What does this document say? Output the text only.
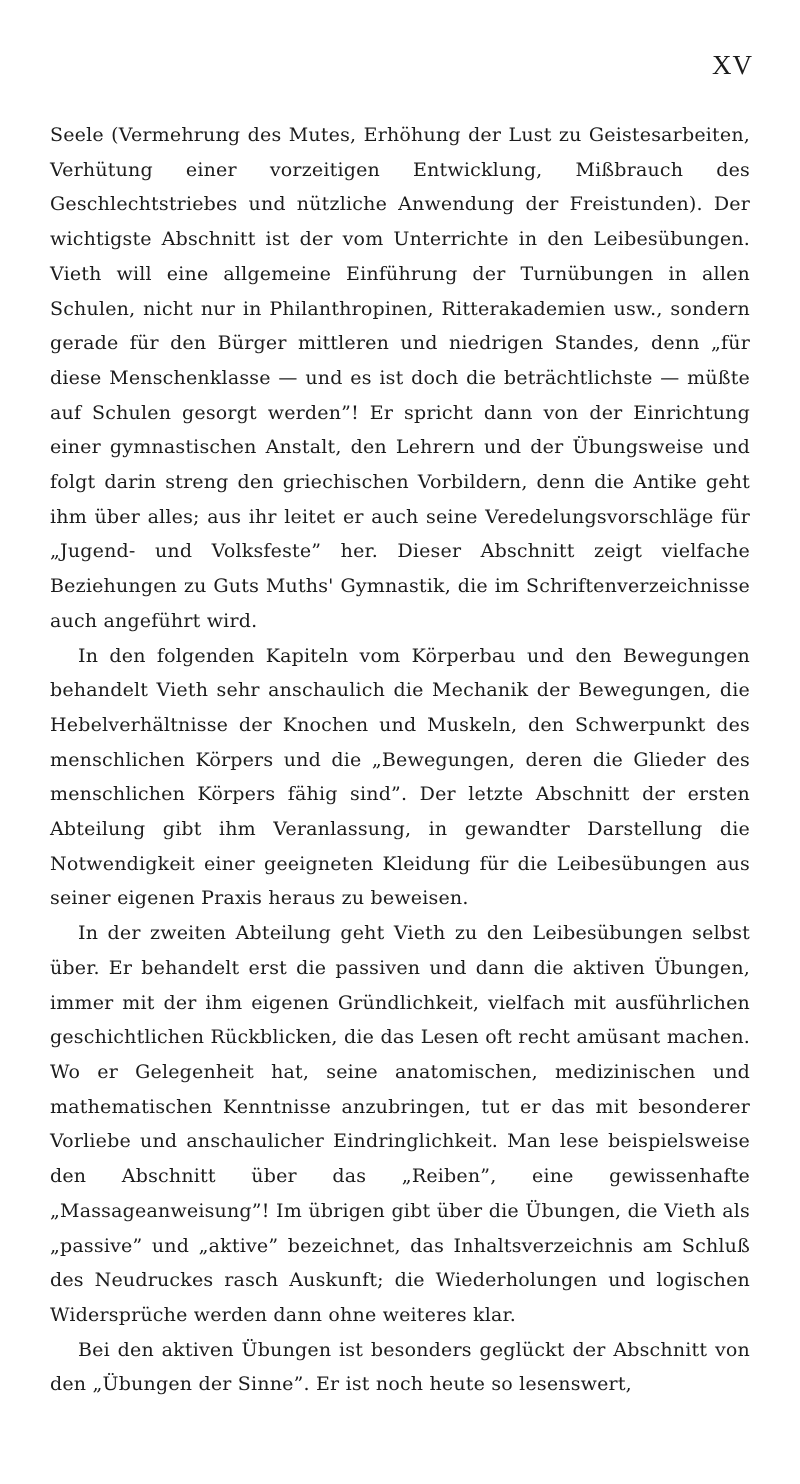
XV

Seele (Vermehrung des Mutes, Erhöhung der Lust zu Geistesarbeiten, Verhütung einer vorzeitigen Entwicklung, Mißbrauch des Geschlechtstriebes und nützliche Anwendung der Freistunden). Der wichtigste Abschnitt ist der vom Unterrichte in den Leibesübungen. Vieth will eine allgemeine Einführung der Turnübungen in allen Schulen, nicht nur in Philanthropinen, Ritterakademien usw., sondern gerade für den Bürger mittleren und niedrigen Standes, denn „für diese Menschenklasse — und es ist doch die beträchtlichste — müßte auf Schulen gesorgt werden”! Er spricht dann von der Einrichtung einer gymnastischen Anstalt, den Lehrern und der Übungsweise und folgt darin streng den griechischen Vorbildern, denn die Antike geht ihm über alles; aus ihr leitet er auch seine Veredelungsvorschläge für „Jugend- und Volksfeste” her. Dieser Abschnitt zeigt vielfache Beziehungen zu Guts Muths' Gymnastik, die im Schriftenverzeichnisse auch angeführt wird.

In den folgenden Kapiteln vom Körperbau und den Bewegungen behandelt Vieth sehr anschaulich die Mechanik der Bewegungen, die Hebelverhältnisse der Knochen und Muskeln, den Schwerpunkt des menschlichen Körpers und die „Bewegungen, deren die Glieder des menschlichen Körpers fähig sind”. Der letzte Abschnitt der ersten Abteilung gibt ihm Veranlassung, in gewandter Darstellung die Notwendigkeit einer geeigneten Kleidung für die Leibesübungen aus seiner eigenen Praxis heraus zu beweisen.

In der zweiten Abteilung geht Vieth zu den Leibesübungen selbst über. Er behandelt erst die passiven und dann die aktiven Übungen, immer mit der ihm eigenen Gründlichkeit, vielfach mit ausführlichen geschichtlichen Rückblicken, die das Lesen oft recht amüsant machen. Wo er Gelegenheit hat, seine anatomischen, medizinischen und mathematischen Kenntnisse anzubringen, tut er das mit besonderer Vorliebe und anschaulicher Eindringlichkeit. Man lese beispielsweise den Abschnitt über das „Reiben”, eine gewissenhafte „Massageanweisung”! Im übrigen gibt über die Übungen, die Vieth als „passive” und „aktive” bezeichnet, das Inhaltsverzeichnis am Schluß des Neudruckes rasch Auskunft; die Wiederholungen und logischen Widersprüche werden dann ohne weiteres klar.

Bei den aktiven Übungen ist besonders geglückt der Abschnitt von den „Übungen der Sinne”. Er ist noch heute so lesenswert,
